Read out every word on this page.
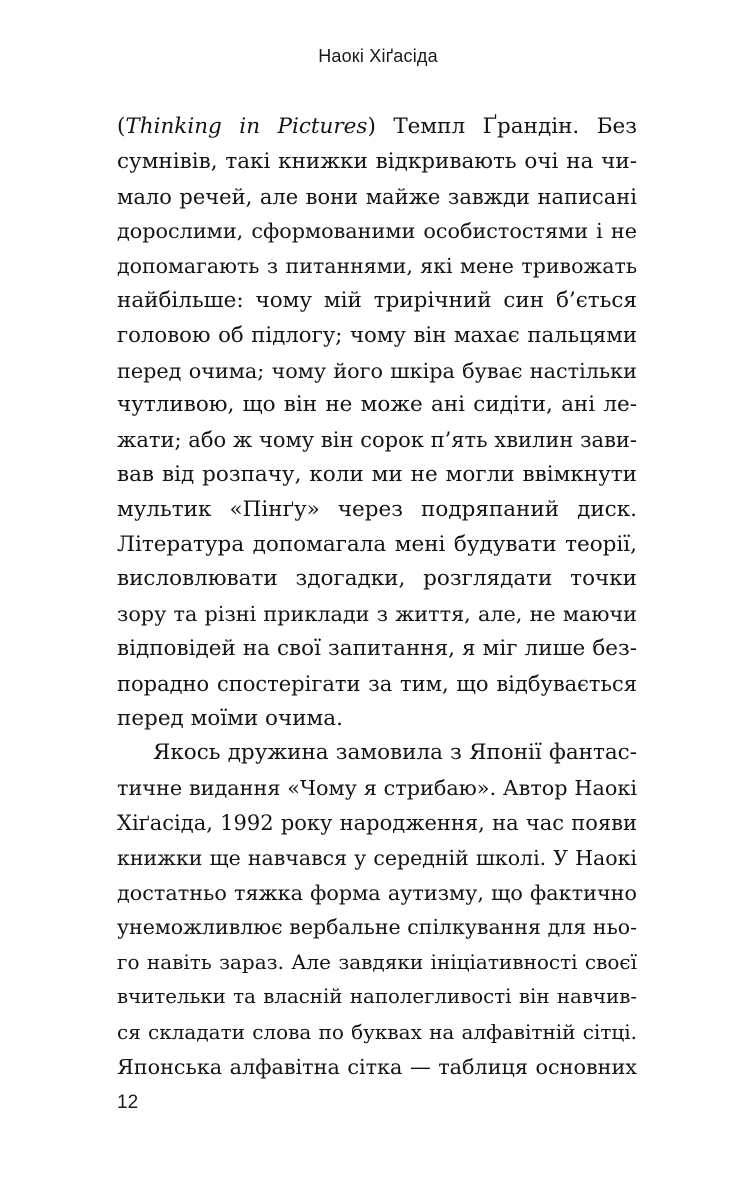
Наокі Хіґасіда
(Thinking in Pictures) Темпл Ґрандін. Без
сумнівів, такі книжки відкривають очі на чи-
мало речей, але вони майже завжди написані
дорослими, сформованими особистостями і не
допомагають з питаннями, які мене тривожать
найбільше: чому мій трирічний син б’ється
головою об підлогу; чому він махає пальцями
перед очима; чому його шкіра буває настільки
чутливою, що він не може ані сидіти, ані ле-
жати; або ж чому він сорок п’ять хвилин зави-
вав від розпачу, коли ми не могли ввімкнути
мультик «Пінґу» через подряпаний диск.
Література допомагала мені будувати теорії,
висловлювати здогадки, розглядати точки
зору та різні приклади з життя, але, не маючи
відповідей на свої запитання, я міг лише без-
порадно спостерігати за тим, що відбувається
перед моїми очима.
Якось дружина замовила з Японії фантас-
тичне видання «Чому я стрибаю». Автор Наокі
Хіґасіда, 1992 року народження, на час появи
книжки ще навчався у середній школі. У Наокі
достатньо тяжка форма аутизму, що фактично
унеможливлює вербальне спілкування для ньо-
го навіть зараз. Але завдяки ініціативності своєї
вчительки та власній наполегливості він навчив-
ся складати слова по буквах на алфавітній сітці.
Японська алфавітна сітка — таблиця основних
12
